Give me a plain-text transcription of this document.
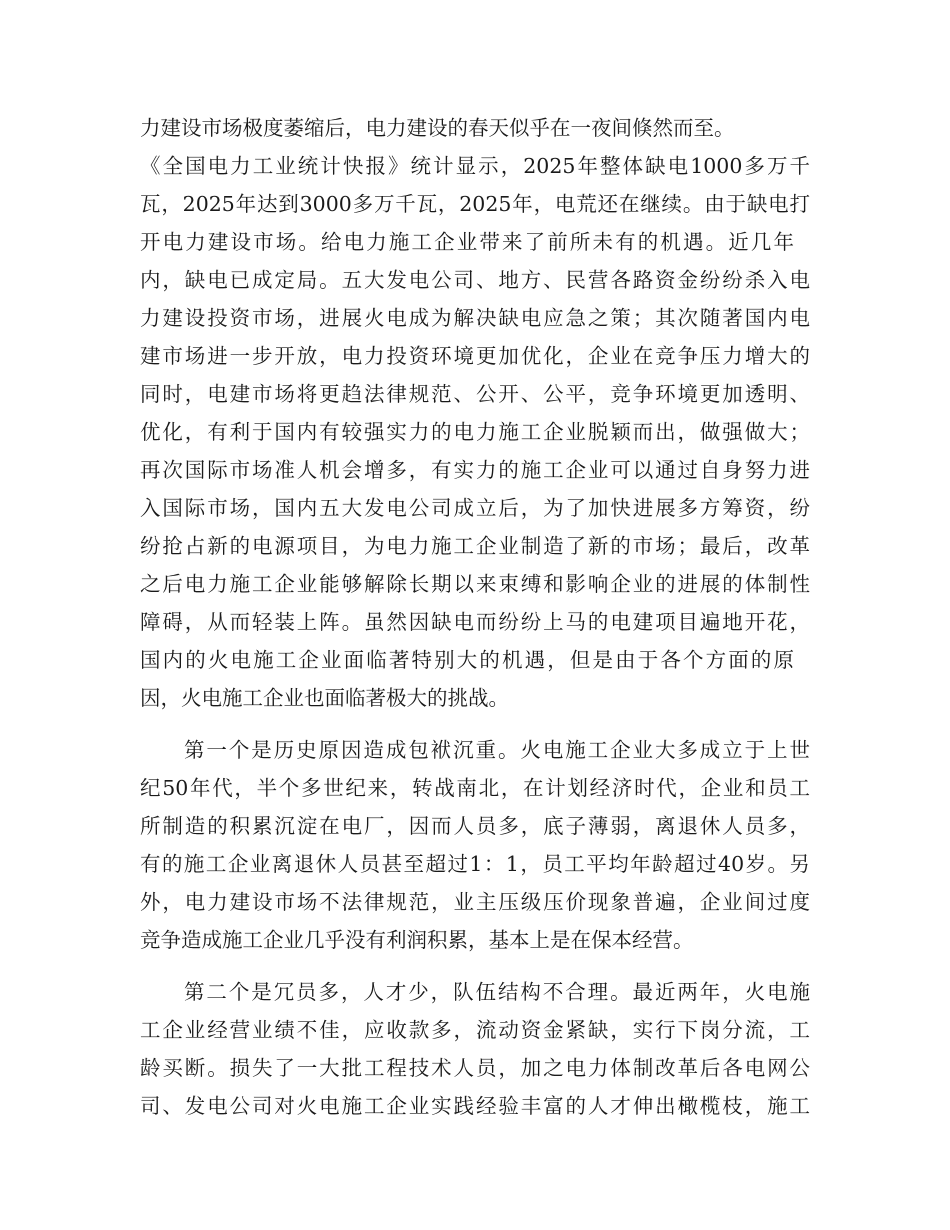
力建设市场极度萎缩后，电力建设的春天似乎在一夜间倏然而至。
《全国电力工业统计快报》统计显示，2025年整体缺电1000多万千
瓦，2025年达到3000多万千瓦，2025年，电荒还在继续。由于缺电打
开电力建设市场。给电力施工企业带来了前所未有的机遇。近几年
内，缺电已成定局。五大发电公司、地方、民营各路资金纷纷杀入电
力建设投资市场，进展火电成为解决缺电应急之策；其次随著国内电
建市场进一步开放，电力投资环境更加优化，企业在竞争压力增大的
同时，电建市场将更趋法律规范、公开、公平，竞争环境更加透明、
优化，有利于国内有较强实力的电力施工企业脱颖而出，做强做大；
再次国际市场准人机会增多，有实力的施工企业可以通过自身努力进
入国际市场，国内五大发电公司成立后，为了加快进展多方筹资，纷
纷抢占新的电源项目，为电力施工企业制造了新的市场；最后，改革
之后电力施工企业能够解除长期以来束缚和影响企业的进展的体制性
障碍，从而轻装上阵。虽然因缺电而纷纷上马的电建项目遍地开花，
国内的火电施工企业面临著特别大的机遇，但是由于各个方面的原
因，火电施工企业也面临著极大的挑战。
第一个是历史原因造成包袱沉重。火电施工企业大多成立于上世
纪50年代，半个多世纪来，转战南北，在计划经济时代，企业和员工
所制造的积累沉淀在电厂，因而人员多，底子薄弱，离退休人员多，
有的施工企业离退休人员甚至超过1：1，员工平均年龄超过40岁。另
外，电力建设市场不法律规范，业主压级压价现象普遍，企业间过度
竞争造成施工企业几乎没有利润积累，基本上是在保本经营。
第二个是冗员多，人才少，队伍结构不合理。最近两年，火电施
工企业经营业绩不佳，应收款多，流动资金紧缺，实行下岗分流，工
龄买断。损失了一大批工程技术人员，加之电力体制改革后各电网公
司、发电公司对火电施工企业实践经验丰富的人才伸出橄榄枝，施工
